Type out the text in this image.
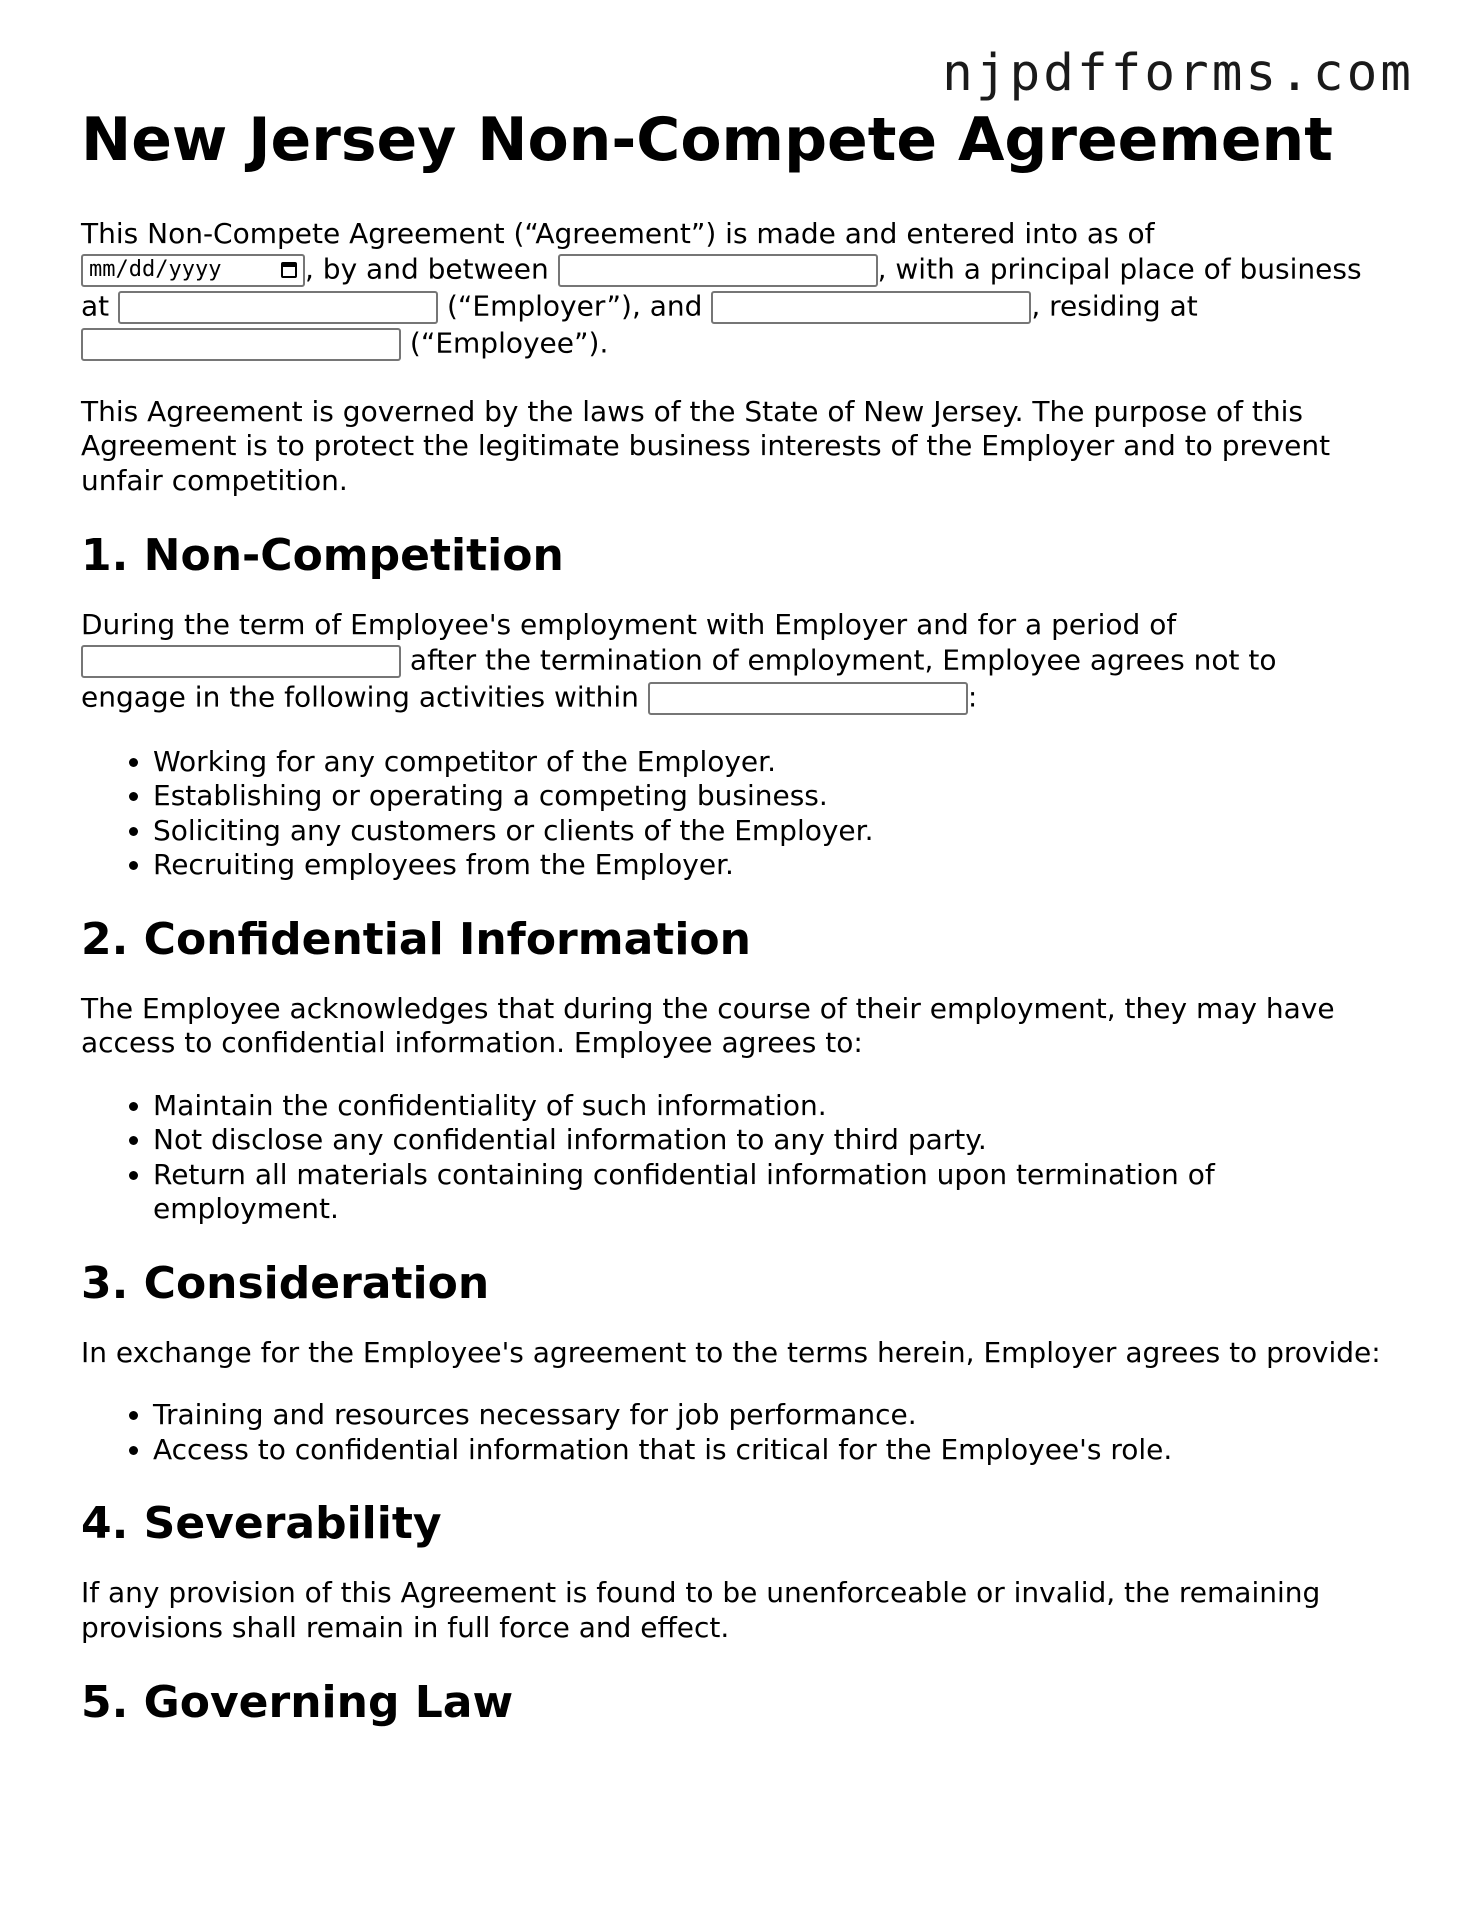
njpdfforms.com
New Jersey Non-Compete Agreement

This Non-Compete Agreement (“Agreement”) is made and entered into as of

mm/dd/yyyy	, by and between	, with a principal place of business
at	(“Employer”), and	, residing at
(“Employee”).

This Agreement is governed by the laws of the State of New Jersey. The purpose of this Agreement is to protect the legitimate business interests of the Employer and to prevent unfair competition.

1. Non-Competition

During the term of Employee's employment with Employer and for a period of
after the termination of employment, Employee agrees not to
engage in the following activities within	:

• Working for any competitor of the Employer.
• Establishing or operating a competing business.
• Soliciting any customers or clients of the Employer.
• Recruiting employees from the Employer.
2. Confidential Information

The Employee acknowledges that during the course of their employment, they may have access to confidential information. Employee agrees to:

• Maintain the confidentiality of such information.
• Not disclose any confidential information to any third party.
• Return all materials containing confidential information upon termination of employment.
3. Consideration

In exchange for the Employee's agreement to the terms herein, Employer agrees to provide:

• Training and resources necessary for job performance.
• Access to confidential information that is critical for the Employee's role.
4. Severability

If any provision of this Agreement is found to be unenforceable or invalid, the remaining provisions shall remain in full force and effect.

5. Governing Law
